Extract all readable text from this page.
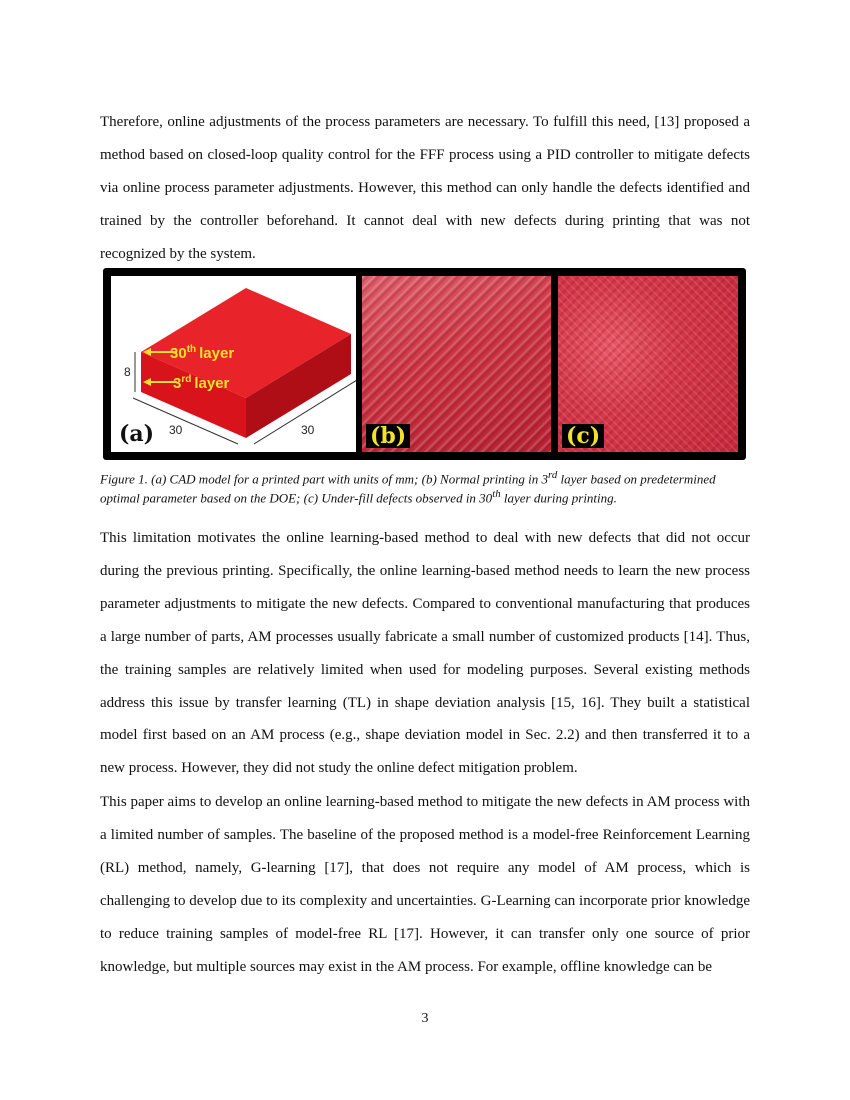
Therefore, online adjustments of the process parameters are necessary. To fulfill this need, [13] proposed a method based on closed-loop quality control for the FFF process using a PID controller to mitigate defects via online process parameter adjustments. However, this method can only handle the defects identified and trained by the controller beforehand. It cannot deal with new defects during printing that was not recognized by the system.

30th layer
3rd layer
8
30	30
(a)	(b)	(c)

Figure 1. (a) CAD model for a printed part with units of mm; (b) Normal printing in 3rd layer based on predetermined optimal parameter based on the DOE; (c) Under-fill defects observed in 30th layer during printing.

This limitation motivates the online learning-based method to deal with new defects that did not occur during the previous printing. Specifically, the online learning-based method needs to learn the new process parameter adjustments to mitigate the new defects. Compared to conventional manufacturing that produces a large number of parts, AM processes usually fabricate a small number of customized products [14]. Thus, the training samples are relatively limited when used for modeling purposes. Several existing methods address this issue by transfer learning (TL) in shape deviation analysis [15, 16]. They built a statistical model first based on an AM process (e.g., shape deviation model in Sec. 2.2) and then transferred it to a new process. However, they did not study the online defect mitigation problem.

This paper aims to develop an online learning-based method to mitigate the new defects in AM process with a limited number of samples. The baseline of the proposed method is a model-free Reinforcement Learning (RL) method, namely, G-learning [17], that does not require any model of AM process, which is challenging to develop due to its complexity and uncertainties. G-Learning can incorporate prior knowledge to reduce training samples of model-free RL [17]. However, it can transfer only one source of prior knowledge, but multiple sources may exist in the AM process. For example, offline knowledge can be

3
